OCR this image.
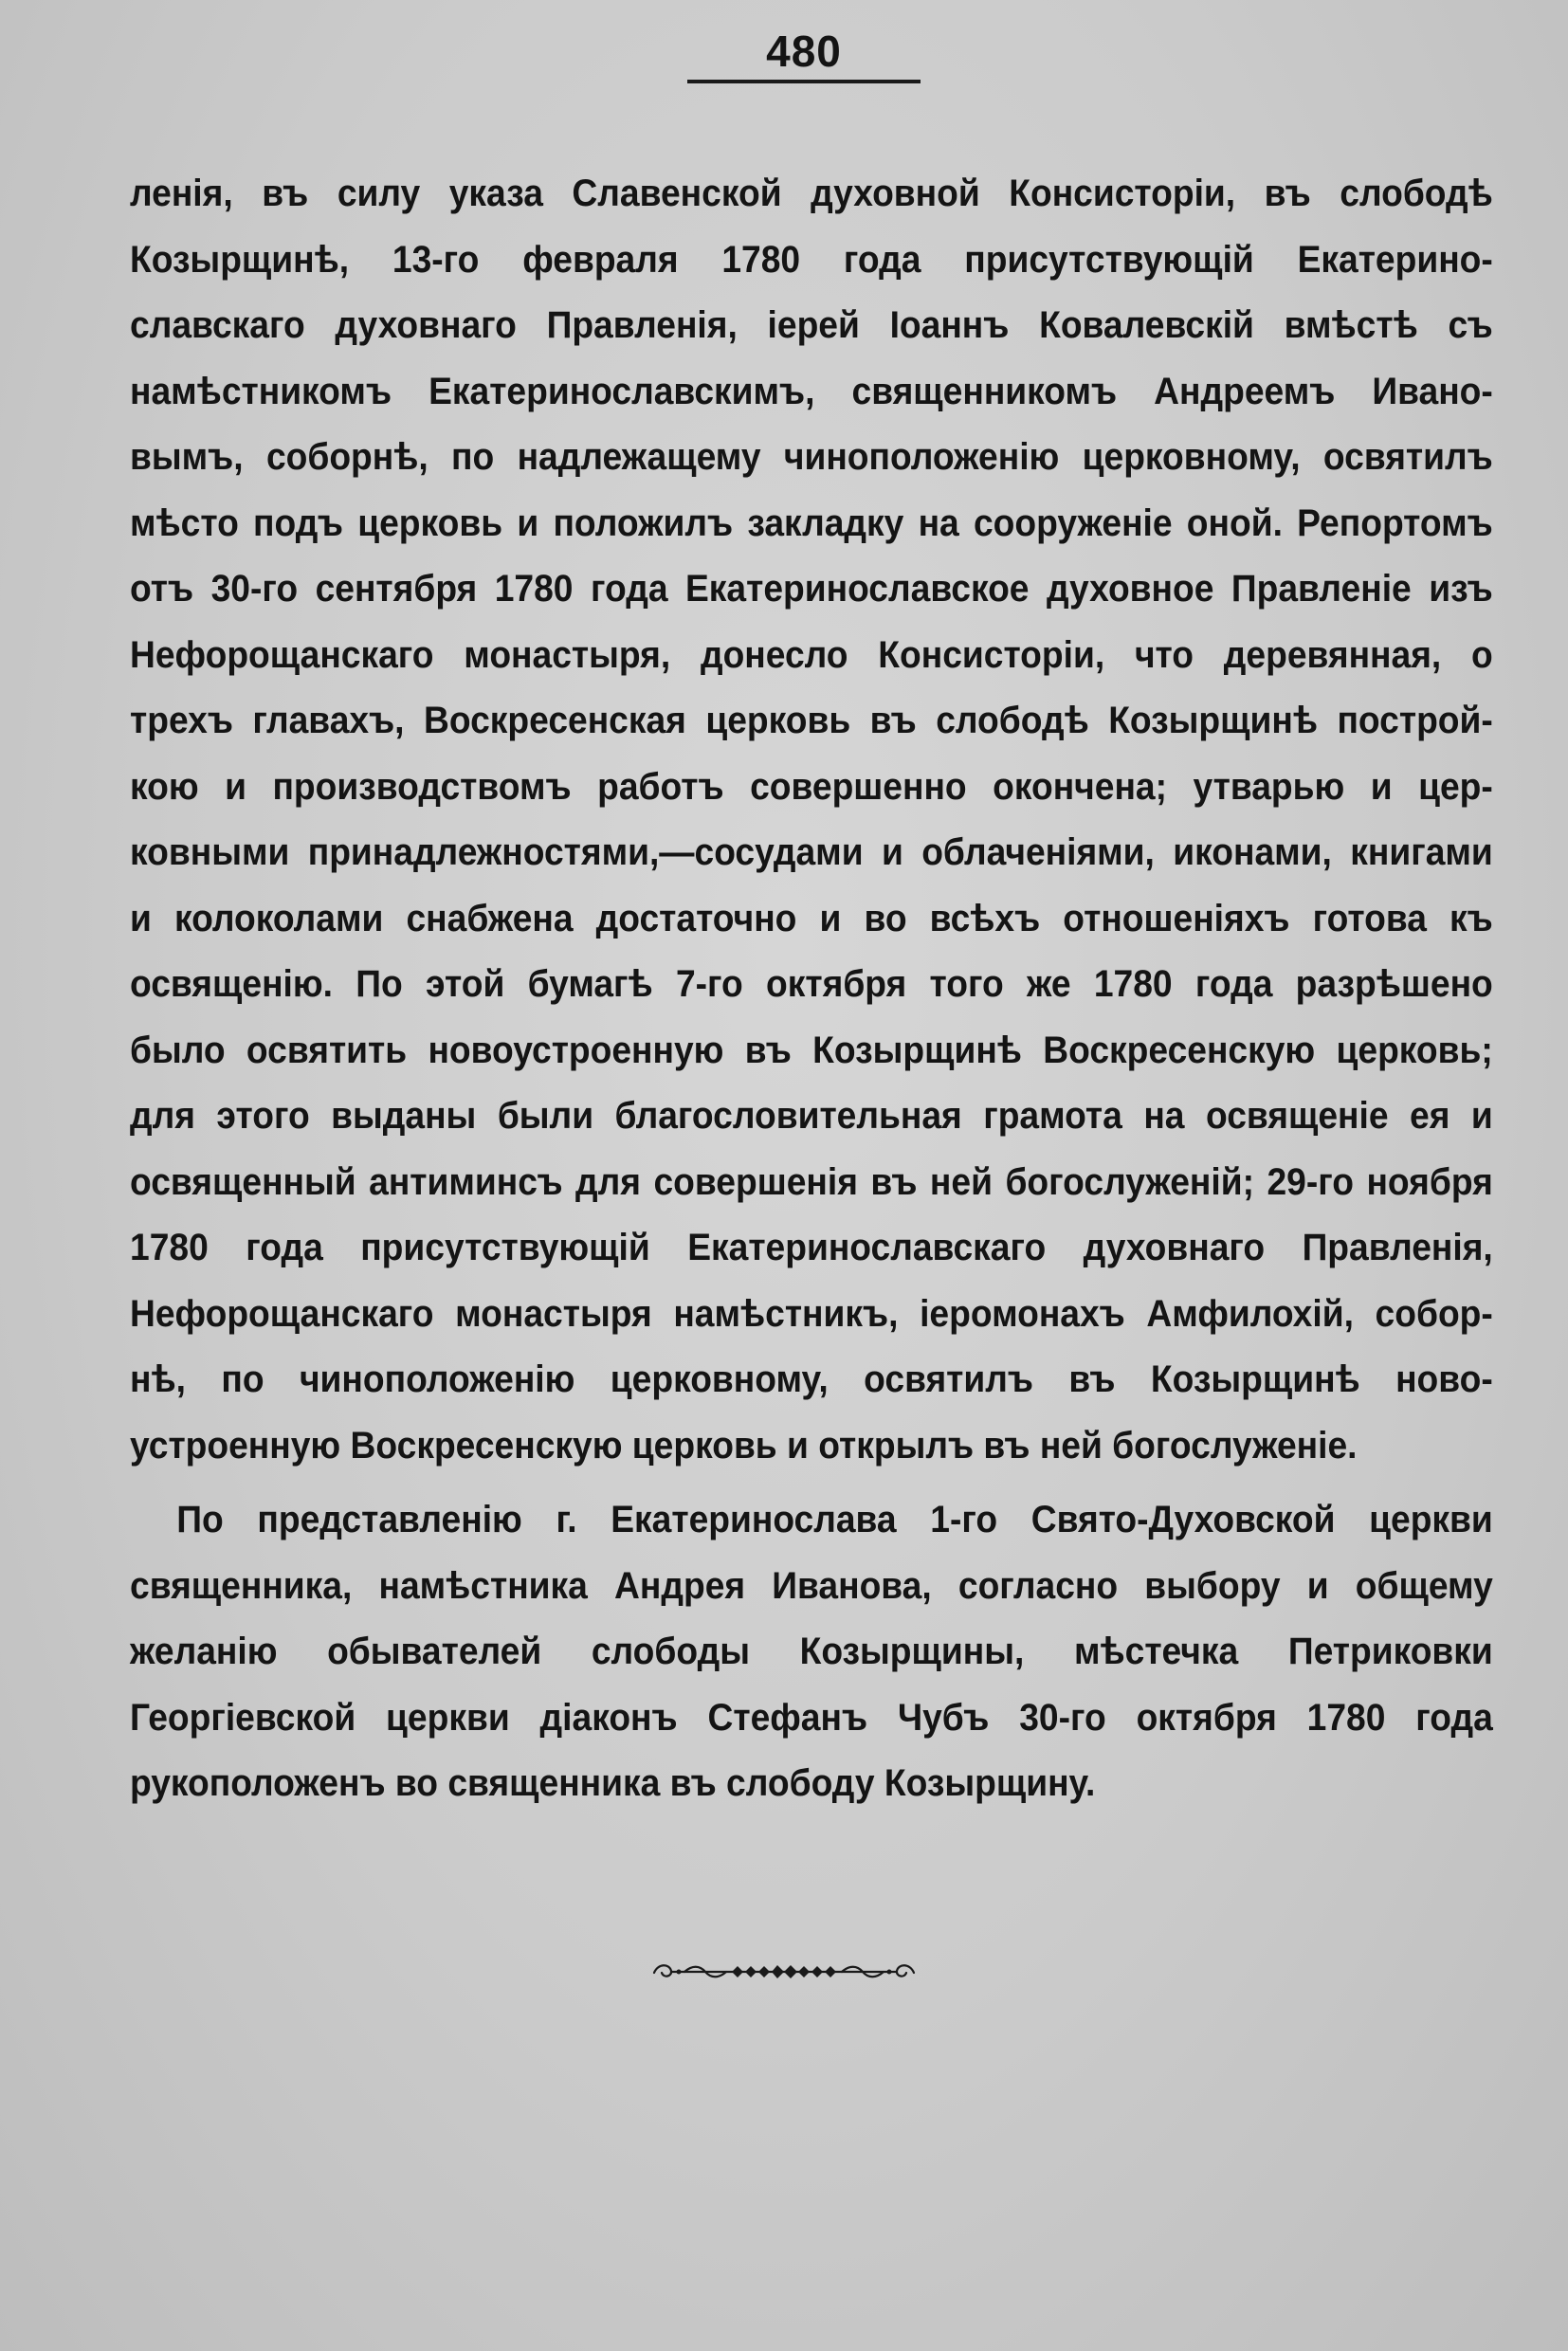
480
ленія, въ силу указа Славенской духовной Консисторіи, въ слободѣ
Козырщинѣ, 13-го февраля 1780 года присутствующій Екатерино-
славскаго духовнаго Правленія, іерей Іоаннъ Ковалевскій вмѣстѣ съ
намѣстникомъ Екатеринославскимъ, священникомъ Андреемъ Ивано-
вымъ, соборнѣ, по надлежащему чиноположенію церковному, освятилъ
мѣсто подъ церковь и положилъ закладку на сооруженіе оной. Репортомъ
отъ 30-го сентября 1780 года Екатеринославское духовное Правленіе изъ
Нефорощанскаго монастыря, донесло Консисторіи, что деревянная, о
трехъ главахъ, Воскресенская церковь въ слободѣ Козырщинѣ построй-
кою и производствомъ работъ совершенно окончена; утварью и цер-
ковными принадлежностями,—сосудами и облаченіями, иконами, книгами
и колоколами снабжена достаточно и во всѣхъ отношеніяхъ готова къ
освященію. По этой бумагѣ 7-го октября того же 1780 года разрѣшено
было освятить новоустроенную въ Козырщинѣ Воскресенскую церковь;
для этого выданы были благословительная грамота на освященіе ея и
освященный антиминсъ для совершенія въ ней богослуженій; 29-го ноября
1780 года присутствующій Екатеринославскаго духовнаго Правленія,
Нефорощанскаго монастыря намѣстникъ, іеромонахъ Амфилохій, собор-
нѣ, по чиноположенію церковному, освятилъ въ Козырщинѣ ново-
устроенную Воскресенскую церковь и открылъ въ ней богослуженіе.
По представленію г. Екатеринослава 1-го Свято-Духовской церкви
священника, намѣстника Андрея Иванова, согласно выбору и общему
желанію обывателей слободы Козырщины, мѣстечка Петриковки
Георгіевской церкви діаконъ Стефанъ Чубъ 30-го октября 1780 года
рукоположенъ во священника въ слободу Козырщину.
